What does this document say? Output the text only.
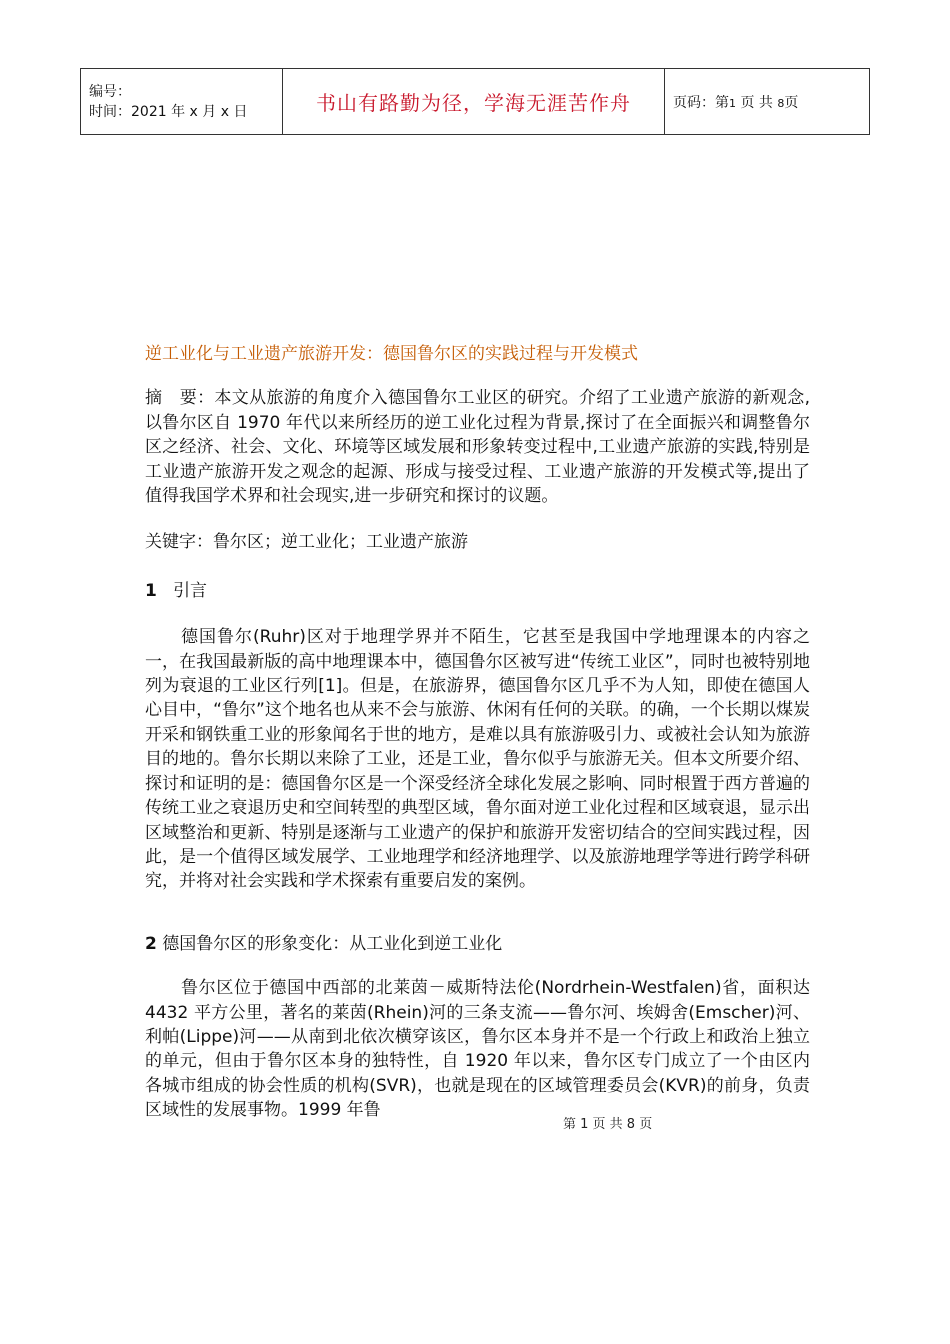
编号：
时间：2021 年 x 月 x 日	书山有路勤为径，学海无涯苦作舟	页码：第1 页 共 8页

逆工业化与工业遗产旅游开发：德国鲁尔区的实践过程与开发模式

摘　要：本文从旅游的角度介入德国鲁尔工业区的研究。介绍了工业遗产旅游的新观念,以鲁尔区自 1970 年代以来所经历的逆工业化过程为背景,探讨了在全面振兴和调整鲁尔区之经济、社会、文化、环境等区域发展和形象转变过程中,工业遗产旅游的实践,特别是工业遗产旅游开发之观念的起源、形成与接受过程、工业遗产旅游的开发模式等,提出了值得我国学术界和社会现实,进一步研究和探讨的议题。

关键字：鲁尔区；逆工业化；工业遗产旅游

1 引言

德国鲁尔(Ruhr)区对于地理学界并不陌生，它甚至是我国中学地理课本的内容之一，在我国最新版的高中地理课本中，德国鲁尔区被写进“传统工业区”，同时也被特别地列为衰退的工业区行列[1]。但是，在旅游界，德国鲁尔区几乎不为人知，即使在德国人心目中，“鲁尔”这个地名也从来不会与旅游、休闲有任何的关联。的确，一个长期以煤炭开采和钢铁重工业的形象闻名于世的地方，是难以具有旅游吸引力、或被社会认知为旅游目的地的。鲁尔长期以来除了工业，还是工业，鲁尔似乎与旅游无关。但本文所要介绍、探讨和证明的是：德国鲁尔区是一个深受经济全球化发展之影响、同时根置于西方普遍的传统工业之衰退历史和空间转型的典型区域，鲁尔面对逆工业化过程和区域衰退，显示出区域整治和更新、特别是逐渐与工业遗产的保护和旅游开发密切结合的空间实践过程，因此，是一个值得区域发展学、工业地理学和经济地理学、以及旅游地理学等进行跨学科研究，并将对社会实践和学术探索有重要启发的案例。

2 德国鲁尔区的形象变化：从工业化到逆工业化

鲁尔区位于德国中西部的北莱茵－威斯特法伦(Nordrhein-Westfalen)省，面积达 4432 平方公里，著名的莱茵(Rhein)河的三条支流——鲁尔河、埃姆舍(Emscher)河、利帕(Lippe)河——从南到北依次横穿该区，鲁尔区本身并不是一个行政上和政治上独立的单元，但由于鲁尔区本身的独特性，自 1920 年以来，鲁尔区专门成立了一个由区内各城市组成的协会性质的机构(SVR)，也就是现在的区域管理委员会(KVR)的前身，负责区域性的发展事物。1999 年鲁

第 1 页 共 8 页
